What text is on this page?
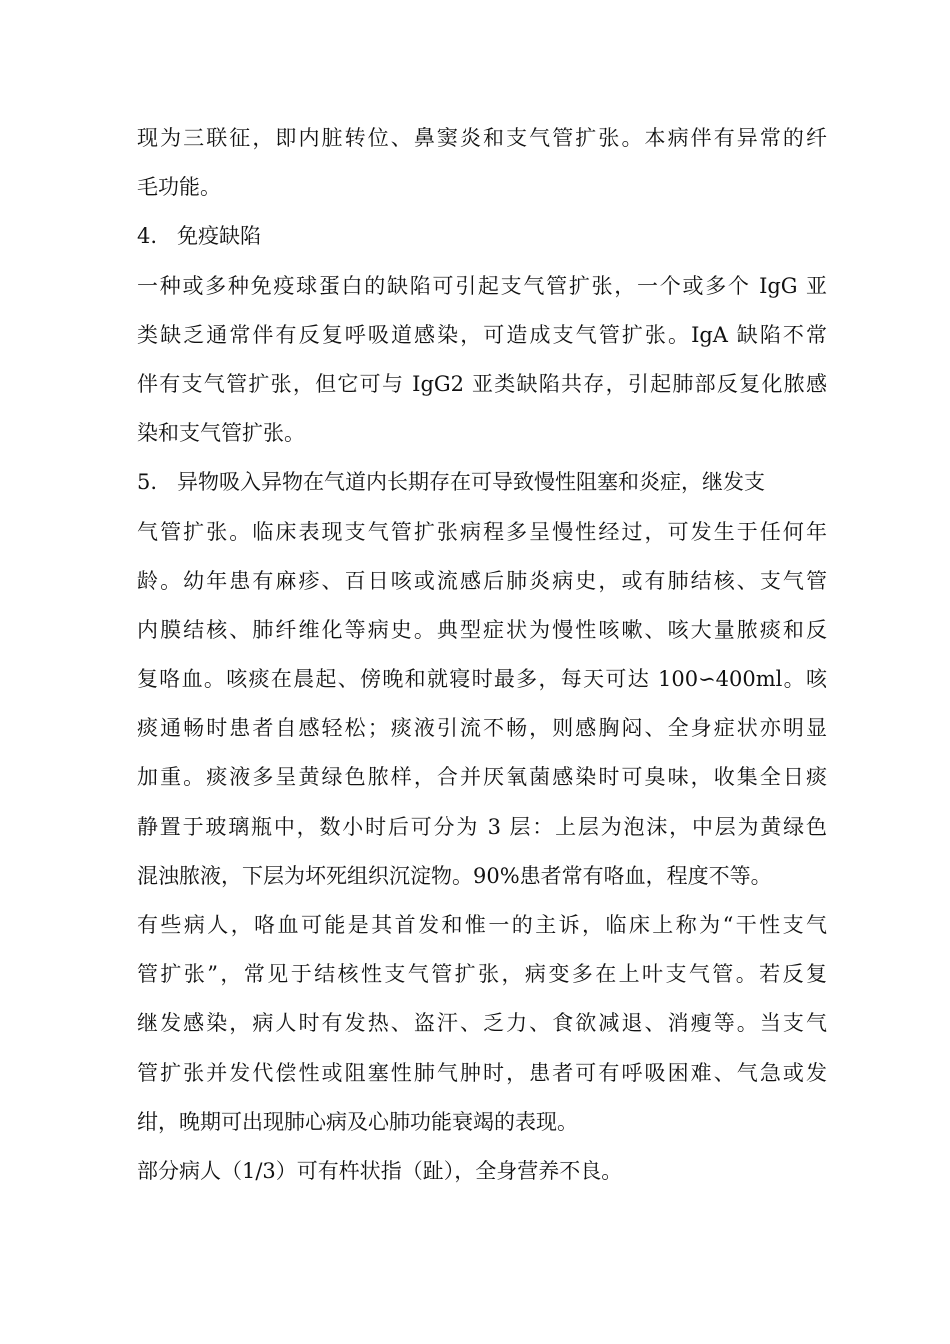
现为三联征，即内脏转位、鼻窦炎和支气管扩张。本病伴有异常的纤
毛功能。
4. 免疫缺陷
一种或多种免疫球蛋白的缺陷可引起支气管扩张，一个或多个 IgG 亚
类缺乏通常伴有反复呼吸道感染，可造成支气管扩张。IgA 缺陷不常
伴有支气管扩张，但它可与 IgG2 亚类缺陷共存，引起肺部反复化脓感
染和支气管扩张。
5. 异物吸入异物在气道内长期存在可导致慢性阻塞和炎症，继发支
气管扩张。临床表现支气管扩张病程多呈慢性经过，可发生于任何年
龄。幼年患有麻疹、百日咳或流感后肺炎病史，或有肺结核、支气管
内膜结核、肺纤维化等病史。典型症状为慢性咳嗽、咳大量脓痰和反
复咯血。咳痰在晨起、傍晚和就寝时最多，每天可达 100∽400ml。咳
痰通畅时患者自感轻松；痰液引流不畅，则感胸闷、全身症状亦明显
加重。痰液多呈黄绿色脓样，合并厌氧菌感染时可臭味，收集全日痰
静置于玻璃瓶中，数小时后可分为 3 层：上层为泡沫，中层为黄绿色
混浊脓液，下层为坏死组织沉淀物。90%患者常有咯血，程度不等。
有些病人，咯血可能是其首发和惟一的主诉，临床上称为“干性支气
管扩张”，常见于结核性支气管扩张，病变多在上叶支气管。若反复
继发感染，病人时有发热、盗汗、乏力、食欲减退、消瘦等。当支气
管扩张并发代偿性或阻塞性肺气肿时，患者可有呼吸困难、气急或发
绀，晚期可出现肺心病及心肺功能衰竭的表现。
部分病人（1/3）可有杵状指（趾），全身营养不良。
